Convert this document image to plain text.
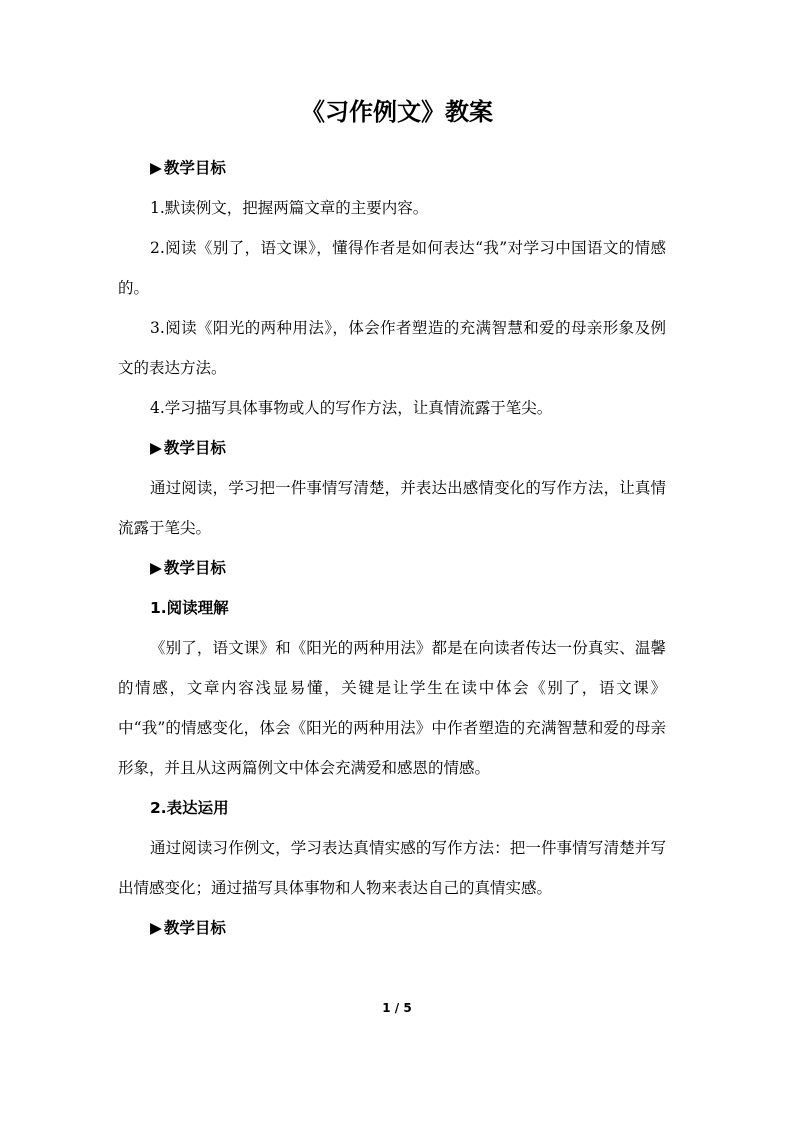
《习作例文》教案
▶ 教学目标

1.默读例文，把握两篇文章的主要内容。

2.阅读《别了，语文课》，懂得作者是如何表达“我”对学习中国语文的情感的。

3.阅读《阳光的两种用法》，体会作者塑造的充满智慧和爱的母亲形象及例文的表达方法。

4.学习描写具体事物或人的写作方法，让真情流露于笔尖。

▶ 教学目标

通过阅读，学习把一件事情写清楚，并表达出感情变化的写作方法，让真情流露于笔尖。

▶ 教学目标
1.阅读理解

《别了，语文课》和《阳光的两种用法》都是在向读者传达一份真实、温馨的情感，文章内容浅显易懂，关键是让学生在读中体会《别了，语文课》中“我”的情感变化，体会《阳光的两种用法》中作者塑造的充满智慧和爱的母亲形象，并且从这两篇例文中体会充满爱和感恩的情感。

2.表达运用

通过阅读习作例文，学习表达真情实感的写作方法：把一件事情写清楚并写出情感变化；通过描写具体事物和人物来表达自己的真情实感。

▶ 教学目标
1 / 5
